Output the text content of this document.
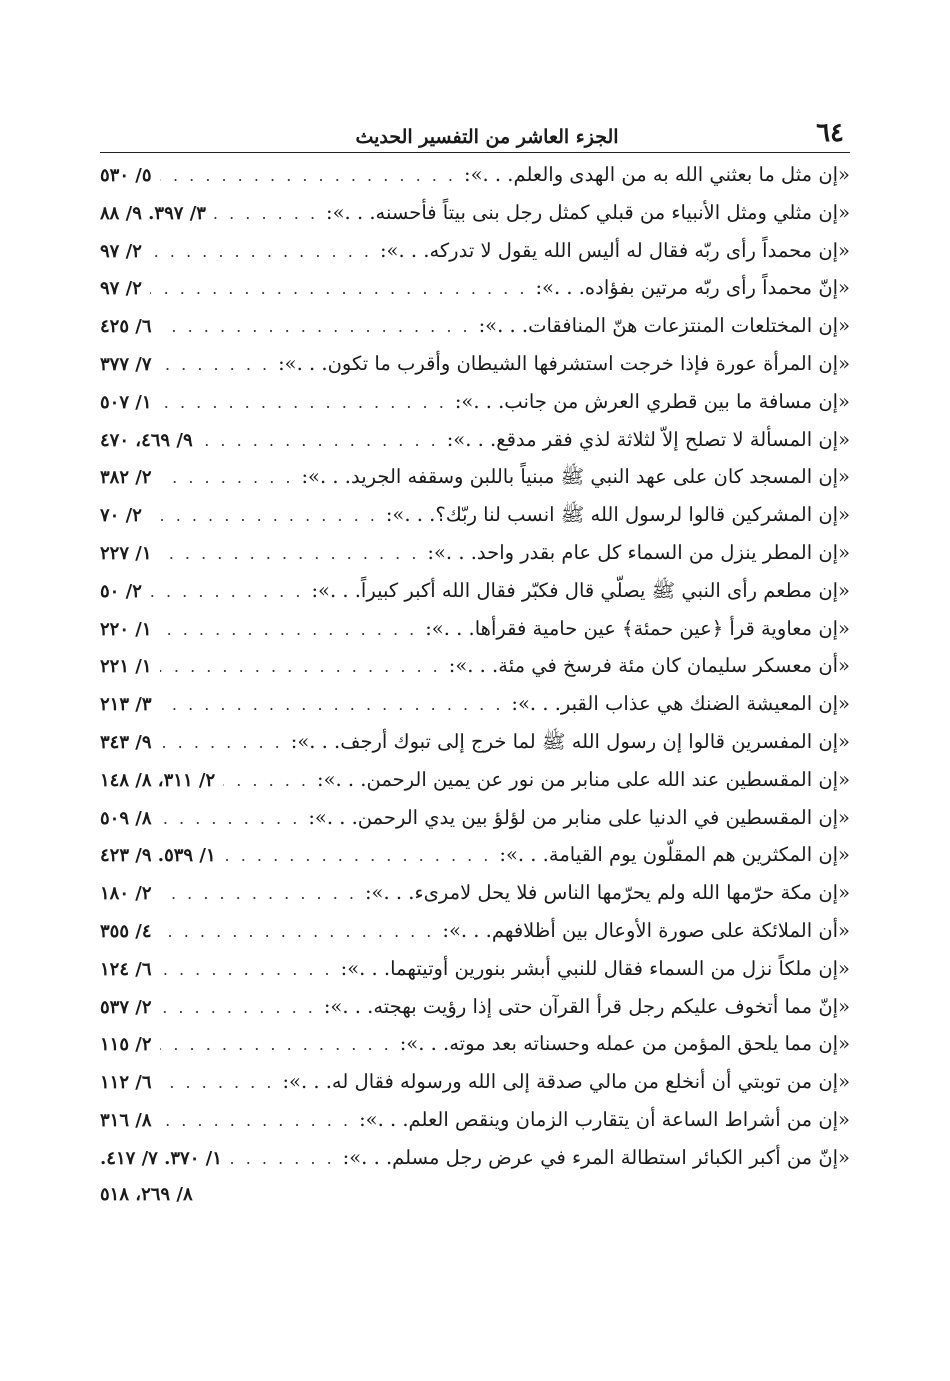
٦٤
الجزء العاشر من التفسير الحديث
«إن مثل ما بعثني الله به من الهدى والعلم. . .»:
. . .
٥/ ٥٣٠
«إن مثلي ومثل الأنبياء من قبلي كمثل رجل بنى بيتاً فأحسنه. . .»:
. . .
٣/ ٣٩٧. ٩/ ٨٨
«إن محمداً رأى ربّه فقال له أليس الله يقول لا تدركه. . .»:
. . .
٢/ ٩٧
«إنّ محمداً رأى ربّه مرتين بفؤاده. . .»:
. . .
٢/ ٩٧
«إن المختلعات المنتزعات هنّ المنافقات. . .»:
. . .
٦/ ٤٢٥
«إن المرأة عورة فإذا خرجت استشرفها الشيطان وأقرب ما تكون. . .»:
. . .
٧/ ٣٧٧
«إن مسافة ما بين قطري العرش من جانب. . .»:
. . .
١/ ٥٠٧
«إن المسألة لا تصلح إلاّ لثلاثة لذي فقر مدقع. . .»:
. . .
٩/ ٤٦٩، ٤٧٠
«إن المسجد كان على عهد النبي ﷺ مبنياً باللبن وسقفه الجريد. . .»:
. . .
٢/ ٣٨٢
«إن المشركين قالوا لرسول الله ﷺ انسب لنا ربّك؟. . .»:
. . .
٢/ ٧٠
«إن المطر ينزل من السماء كل عام بقدر واحد. . .»:
. . .
١/ ٢٢٧
«إن مطعم رأى النبي ﷺ يصلّي قال فكبّر فقال الله أكبر كبيراً. . .»:
. . .
٢/ ٥٠
«إن معاوية قرأ ﴿عين حمئة﴾ عين حامية فقرأها. . .»:
. . .
١/ ٢٢٠
«أن معسكر سليمان كان مئة فرسخ في مئة. . .»:
. . .
١/ ٢٢١
«إن المعيشة الضنك هي عذاب القبر. . .»:
. . .
٣/ ٢١٣
«إن المفسرين قالوا إن رسول الله ﷺ لما خرج إلى تبوك أرجف. . .»:
. . .
٩/ ٣٤٣
«إن المقسطين عند الله على منابر من نور عن يمين الرحمن. . .»:
. . .
٢/ ٣١١، ٨/ ١٤٨
«إن المقسطين في الدنيا على منابر من لؤلؤ بين يدي الرحمن. . .»:
. . .
٨/ ٥٠٩
«إن المكثرين هم المقلّون يوم القيامة. . .»:
. . .
١/ ٥٣٩. ٩/ ٤٢٣
«إن مكة حرّمها الله ولم يحرّمها الناس فلا يحل لامرىء. . .»:
. . .
٢/ ١٨٠
«أن الملائكة على صورة الأوعال بين أظلافهم. . .»:
. . .
٤/ ٣٥٥
«إن ملكاً نزل من السماء فقال للنبي أبشر بنورين أوتيتهما. . .»:
. . .
٦/ ١٢٤
«إنّ مما أتخوف عليكم رجل قرأ القرآن حتى إذا رؤيت بهجته. . .»:
. . .
٢/ ٥٣٧
«إن مما يلحق المؤمن من عمله وحسناته بعد موته. . .»:
. . .
٢/ ١١٥
«إن من توبتي أن أنخلع من مالي صدقة إلى الله ورسوله فقال له. . .»:
. . .
٦/ ١١٢
«إن من أشراط الساعة أن يتقارب الزمان وينقص العلم. . .»:
. . .
٨/ ٣١٦
«إنّ من أكبر الكبائر استطالة المرء في عرض رجل مسلم. . .»:
. . .
١/ ٣٧٠. ٧/ ٤١٧.
٨/ ٢٦٩، ٥١٨
